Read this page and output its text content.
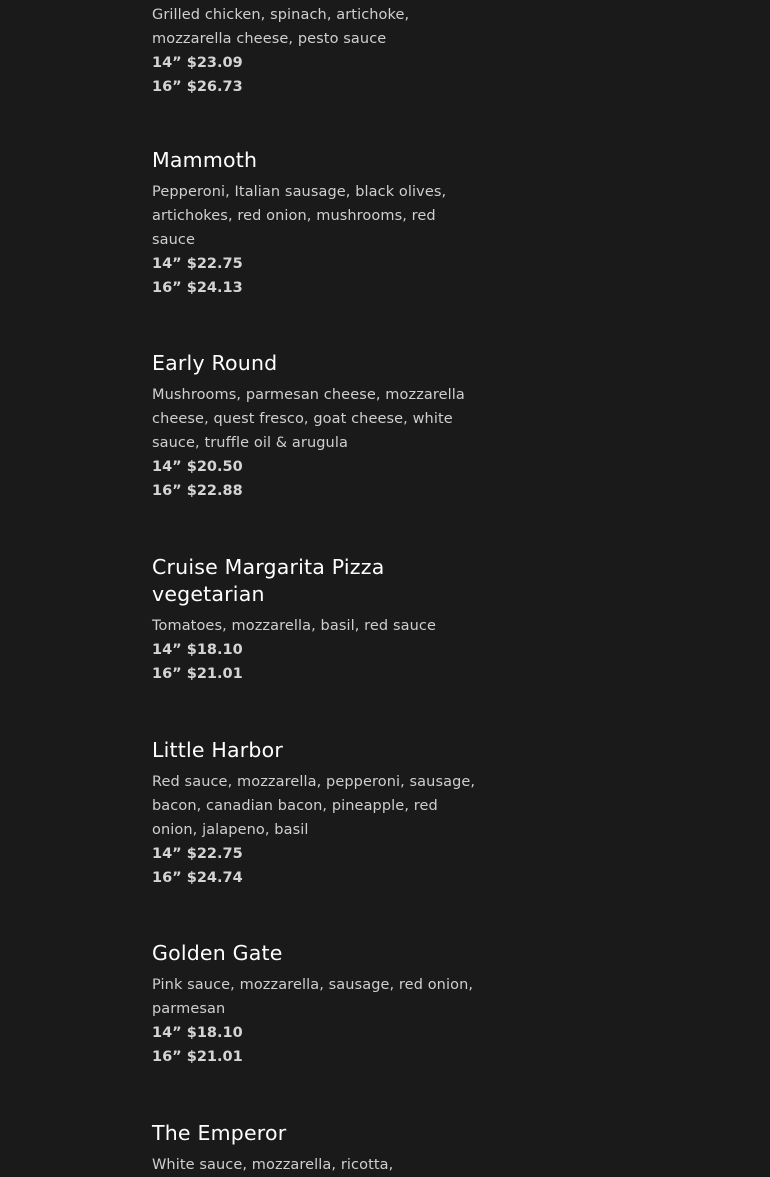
Grilled chicken, spinach, artichoke, mozzarella cheese, pesto sauce

14” $23.09

16” $26.73

Mammoth

Pepperoni, Italian sausage, black olives, artichokes, red onion, mushrooms, red sauce

14” $22.75

16” $24.13

Early Round

Mushrooms, parmesan cheese, mozzarella cheese, quest fresco, goat cheese, white sauce, truffle oil & arugula

14” $20.50

16” $22.88

Cruise Margarita Pizza vegetarian

Tomatoes, mozzarella, basil, red sauce

14” $18.10

16” $21.01

Little Harbor

Red sauce, mozzarella, pepperoni, sausage, bacon, canadian bacon, pineapple, red onion, jalapeno, basil

14” $22.75

16” $24.74

Golden Gate

Pink sauce, mozzarella, sausage, red onion, parmesan

14” $18.10

16” $21.01

The Emperor

White sauce, mozzarella, ricotta,
